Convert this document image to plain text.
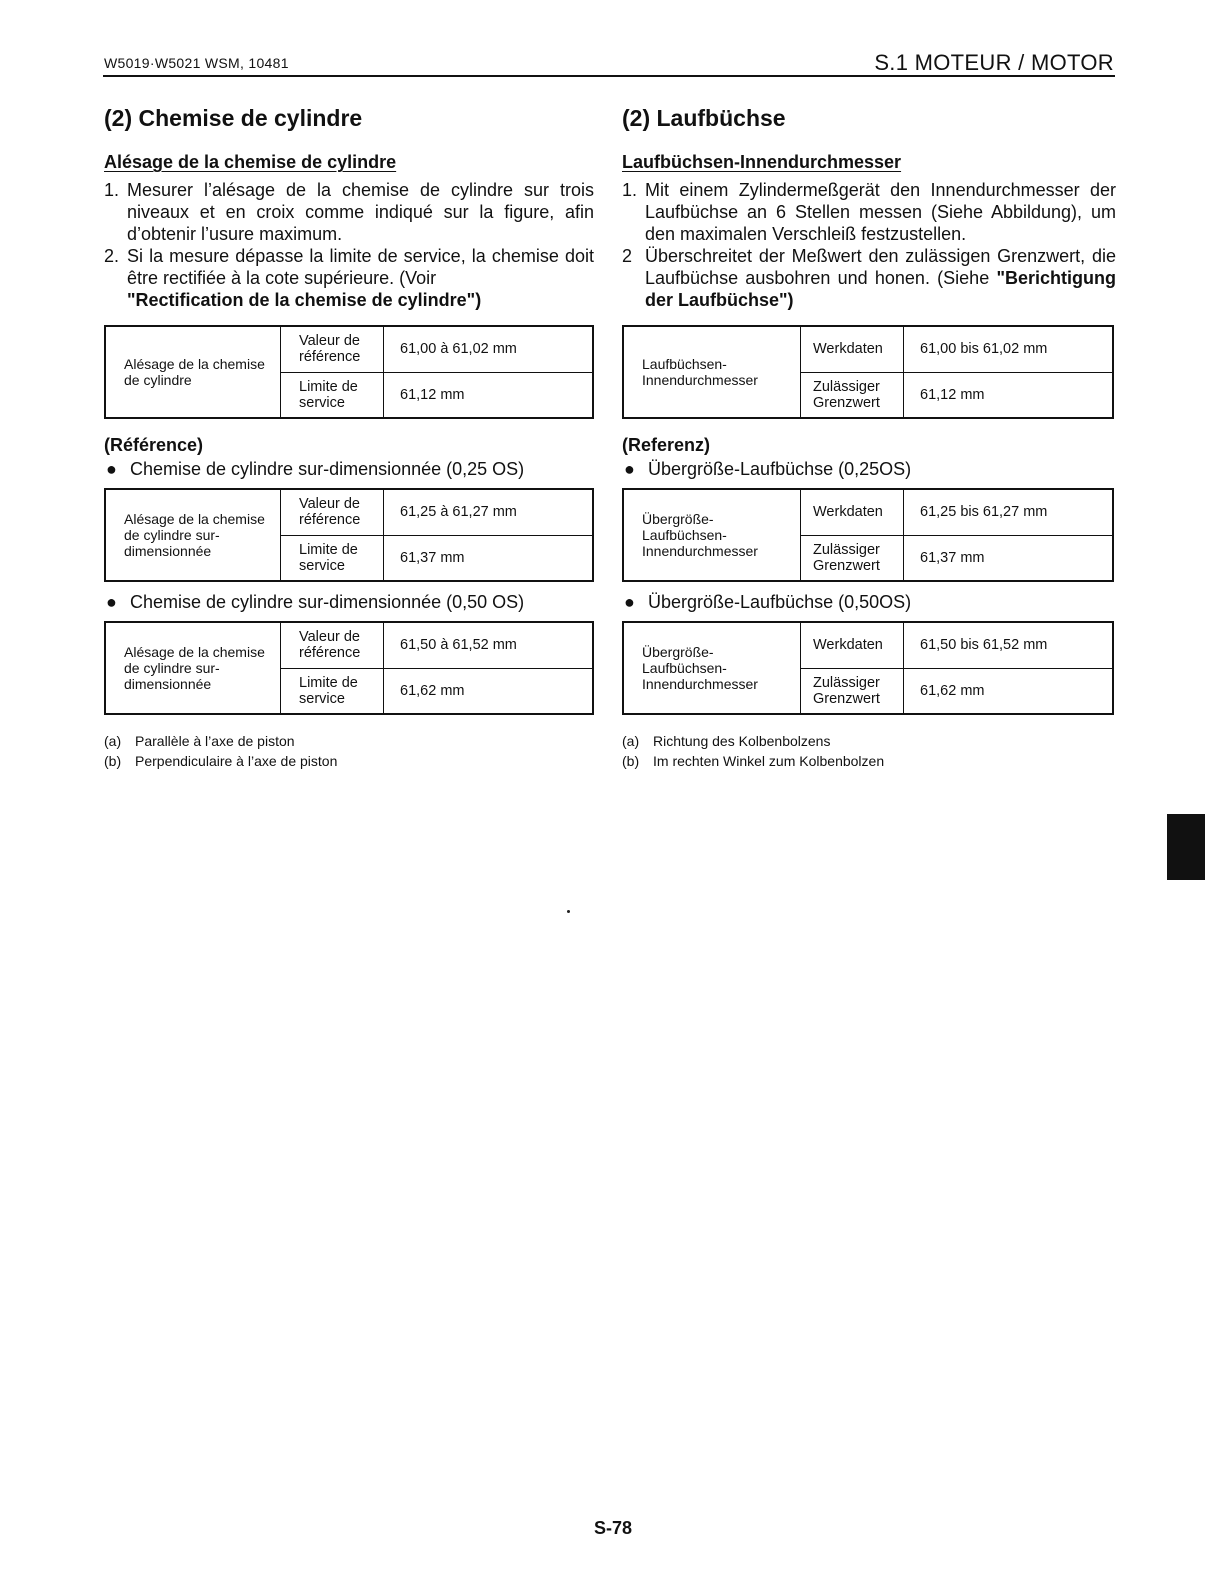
W5019·W5021 WSM, 10481	S.1 MOTEUR / MOTOR
(2) Chemise de cylindre
Alésage de la chemise de cylindre
1. Mesurer l’alésage de la chemise de cylindre sur trois niveaux et en croix comme indiqué sur la figure, afin d’obtenir l’usure maximum.
2. Si la mesure dépasse la limite de service, la chemise doit être rectifiée à la cote supérieure. (Voir
"Rectification de la chemise de cylindre")
Alésage de la chemise de cylindre	Valeur de référence	61,00 à 61,02 mm
	Limite de service	61,12 mm
(Référence)
● Chemise de cylindre sur-dimensionnée (0,25 OS)
Alésage de la chemise de cylindre sur-dimensionnée	Valeur de référence	61,25 à 61,27 mm
	Limite de service	61,37 mm
● Chemise de cylindre sur-dimensionnée (0,50 OS)
Alésage de la chemise de cylindre sur-dimensionnée	Valeur de référence	61,50 à 61,52 mm
	Limite de service	61,62 mm
(a) Parallèle à l’axe de piston
(b) Perpendiculaire à l’axe de piston
(2) Laufbüchse
Laufbüchsen-Innendurchmesser
1. Mit einem Zylindermeßgerät den Innendurchmesser der Laufbüchse an 6 Stellen messen (Siehe Abbildung), um den maximalen Verschleiß festzustellen.
2 Überschreitet der Meßwert den zulässigen Grenzwert, die Laufbüchse ausbohren und honen. (Siehe "Berichtigung der Laufbüchse")
Laufbüchsen-Innendurchmesser	Werkdaten	61,00 bis 61,02 mm
	Zulässiger Grenzwert	61,12 mm
(Referenz)
● Übergröße-Laufbüchse (0,25OS)
Übergröße-Laufbüchsen-Innendurchmesser	Werkdaten	61,25 bis 61,27 mm
	Zulässiger Grenzwert	61,37 mm
● Übergröße-Laufbüchse (0,50OS)
Übergröße-Laufbüchsen-Innendurchmesser	Werkdaten	61,50 bis 61,52 mm
	Zulässiger Grenzwert	61,62 mm
(a) Richtung des Kolbenbolzens
(b) Im rechten Winkel zum Kolbenbolzen
S-78
